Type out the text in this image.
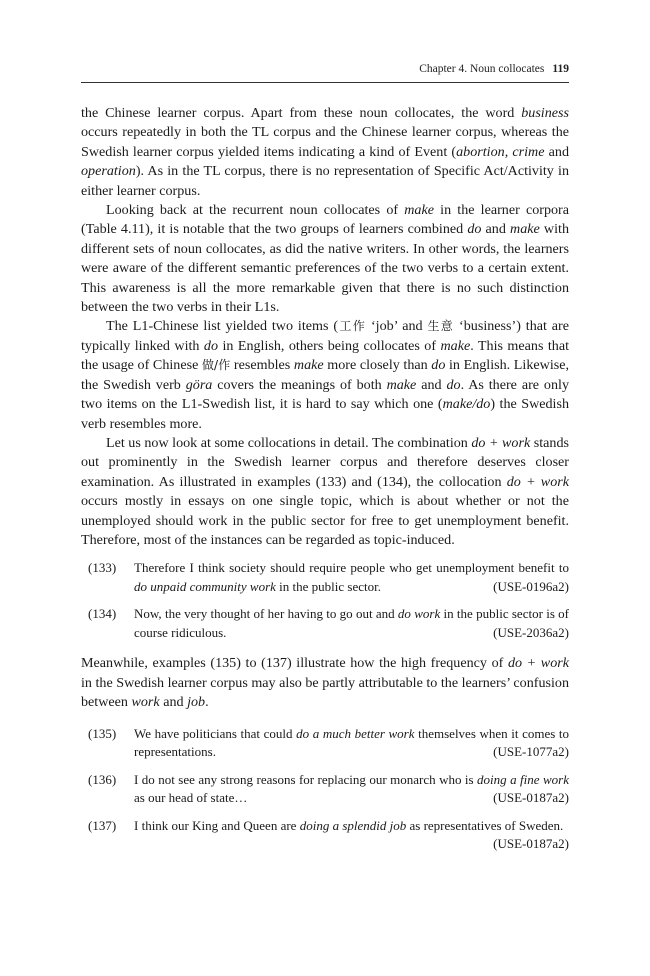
Chapter 4. Noun collocates 119

the Chinese learner corpus. Apart from these noun collocates, the word business occurs repeatedly in both the TL corpus and the Chinese learner corpus, whereas the Swedish learner corpus yielded items indicating a kind of Event (abortion, crime and operation). As in the TL corpus, there is no representation of Specific Act/Activity in either learner corpus.

Looking back at the recurrent noun collocates of make in the learner corpora (Table 4.11), it is notable that the two groups of learners combined do and make with different sets of noun collocates, as did the native writers. In other words, the learners were aware of the different semantic preferences of the two verbs to a certain extent. This awareness is all the more remarkable given that there is no such distinction between the two verbs in their L1s.

The L1-Chinese list yielded two items (工作 ‘job’ and 生意 ‘business’) that are typically linked with do in English, others being collocates of make. This means that the usage of Chinese 做/作 resembles make more closely than do in English. Likewise, the Swedish verb göra covers the meanings of both make and do. As there are only two items on the L1-Swedish list, it is hard to say which one (make/do) the Swedish verb resembles more.

Let us now look at some collocations in detail. The combination do + work stands out prominently in the Swedish learner corpus and therefore deserves closer examination. As illustrated in examples (133) and (134), the collocation do + work occurs mostly in essays on one single topic, which is about whether or not the unemployed should work in the public sector for free to get unemployment benefit. Therefore, most of the instances can be regarded as topic-induced.

(133) Therefore I think society should require people who get unemployment benefit to do unpaid community work in the public sector.	(USE-0196a2)
(134) Now, the very thought of her having to go out and do work in the public sector is of course ridiculous.	(USE-2036a2)

Meanwhile, examples (135) to (137) illustrate how the high frequency of do + work in the Swedish learner corpus may also be partly attributable to the learners’ confusion between work and job.

(135) We have politicians that could do a much better work themselves when it comes to representations.	(USE-1077a2)
(136) I do not see any strong reasons for replacing our monarch who is doing a fine work as our head of state…	(USE-0187a2)
(137) I think our King and Queen are doing a splendid job as representatives of Sweden.
(USE-0187a2)
